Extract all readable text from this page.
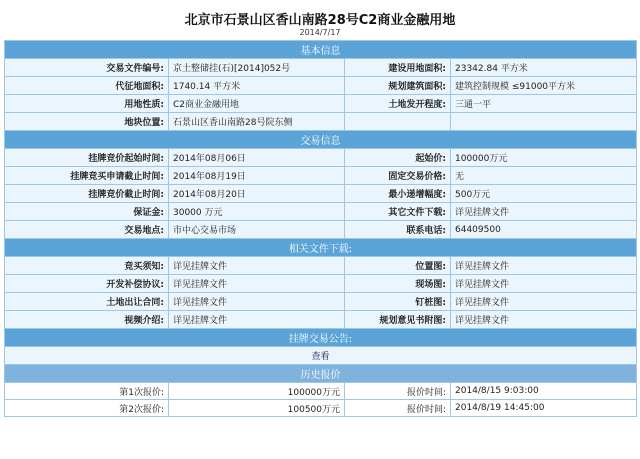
北京市石景山区香山南路28号C2商业金融用地
2014/7/17
基本信息			
交易文件编号:	京土整储挂(石)[2014]052号	建设用地面积:	23342.84 平方米
代征地面积:	1740.14 平方米	规划建筑面积:	建筑控制规模 ≤91000平方米
用地性质:	C2商业金融用地	土地发开程度:	三通一平
地块位置:	石景山区香山南路28号院东侧		
交易信息			
挂牌竞价起始时间:	2014年08月06日	起始价:	100000万元
挂牌竞买申请截止时间:	2014年08月19日	固定交易价格:	无
挂牌竞价截止时间:	2014年08月20日	最小递增幅度:	500万元
保证金:	30000 万元	其它文件下载:	详见挂牌文件
交易地点:	市中心交易市场	联系电话:	64409500
相关文件下载:			
竞买须知:	详见挂牌文件	位置图:	详见挂牌文件
开发补偿协议:	详见挂牌文件	现场图:	详见挂牌文件
土地出让合同:	详见挂牌文件	钉桩图:	详见挂牌文件
视频介绍:	详见挂牌文件	规划意见书附图:	详见挂牌文件
挂牌交易公告:			
查看			
历史报价			
第1次报价:	100000万元	报价时间:	2014/8/15 9:03:00
第2次报价:	100500万元	报价时间:	2014/8/19 14:45:00
